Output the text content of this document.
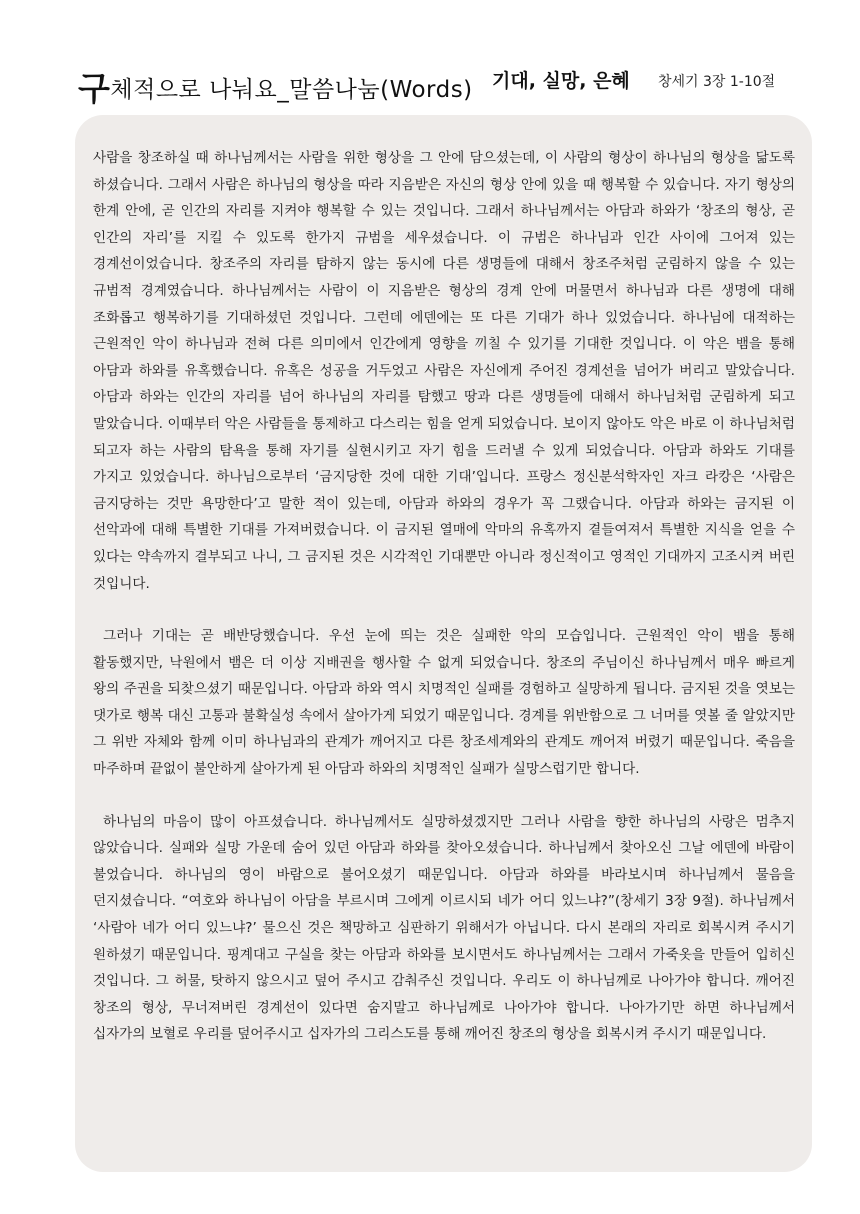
구체적으로 나눠요_말씀나눔(Words) 기대, 실망, 은혜 창세기 3장 1-10절

사람을 창조하실 때 하나님께서는 사람을 위한 형상을 그 안에 담으셨는데, 이 사람의 형상이 하나님의 형상을 닮도록 하셨습니다. 그래서 사람은 하나님의 형상을 따라 지음받은 자신의 형상 안에 있을 때 행복할 수 있습니다. 자기 형상의 한계 안에, 곧 인간의 자리를 지켜야 행복할 수 있는 것입니다. 그래서 하나님께서는 아담과 하와가 ‘창조의 형상, 곧 인간의 자리’를 지킬 수 있도록 한가지 규범을 세우셨습니다. 이 규범은 하나님과 인간 사이에 그어져 있는 경계선이었습니다. 창조주의 자리를 탐하지 않는 동시에 다른 생명들에 대해서 창조주처럼 군림하지 않을 수 있는 규범적 경계였습니다. 하나님께서는 사람이 이 지음받은 형상의 경계 안에 머물면서 하나님과 다른 생명에 대해 조화롭고 행복하기를 기대하셨던 것입니다. 그런데 에덴에는 또 다른 기대가 하나 있었습니다. 하나님에 대적하는 근원적인 악이 하나님과 전혀 다른 의미에서 인간에게 영향을 끼칠 수 있기를 기대한 것입니다. 이 악은 뱀을 통해 아담과 하와를 유혹했습니다. 유혹은 성공을 거두었고 사람은 자신에게 주어진 경계선을 넘어가 버리고 말았습니다. 아담과 하와는 인간의 자리를 넘어 하나님의 자리를 탐했고 땅과 다른 생명들에 대해서 하나님처럼 군림하게 되고 말았습니다. 이때부터 악은 사람들을 통제하고 다스리는 힘을 얻게 되었습니다. 보이지 않아도 악은 바로 이 하나님처럼 되고자 하는 사람의 탐욕을 통해 자기를 실현시키고 자기 힘을 드러낼 수 있게 되었습니다. 아담과 하와도 기대를 가지고 있었습니다. 하나님으로부터 ‘금지당한 것에 대한 기대’입니다. 프랑스 정신분석학자인 자크 라캉은 ‘사람은 금지당하는 것만 욕망한다’고 말한 적이 있는데, 아담과 하와의 경우가 꼭 그랬습니다. 아담과 하와는 금지된 이 선악과에 대해 특별한 기대를 가져버렸습니다. 이 금지된 열매에 악마의 유혹까지 곁들여져서 특별한 지식을 얻을 수 있다는 약속까지 결부되고 나니, 그 금지된 것은 시각적인 기대뿐만 아니라 정신적이고 영적인 기대까지 고조시켜 버린 것입니다.

그러나 기대는 곧 배반당했습니다. 우선 눈에 띄는 것은 실패한 악의 모습입니다. 근원적인 악이 뱀을 통해 활동했지만, 낙원에서 뱀은 더 이상 지배권을 행사할 수 없게 되었습니다. 창조의 주님이신 하나님께서 매우 빠르게 왕의 주권을 되찾으셨기 때문입니다. 아담과 하와 역시 치명적인 실패를 경험하고 실망하게 됩니다. 금지된 것을 엿보는 댓가로 행복 대신 고통과 불확실성 속에서 살아가게 되었기 때문입니다. 경계를 위반함으로 그 너머를 엿볼 줄 알았지만 그 위반 자체와 함께 이미 하나님과의 관계가 깨어지고 다른 창조세계와의 관계도 깨어져 버렸기 때문입니다. 죽음을 마주하며 끝없이 불안하게 살아가게 된 아담과 하와의 치명적인 실패가 실망스럽기만 합니다.

하나님의 마음이 많이 아프셨습니다. 하나님께서도 실망하셨겠지만 그러나 사람을 향한 하나님의 사랑은 멈추지 않았습니다. 실패와 실망 가운데 숨어 있던 아담과 하와를 찾아오셨습니다. 하나님께서 찾아오신 그날 에덴에 바람이 불었습니다. 하나님의 영이 바람으로 불어오셨기 때문입니다. 아담과 하와를 바라보시며 하나님께서 물음을 던지셨습니다. “여호와 하나님이 아담을 부르시며 그에게 이르시되 네가 어디 있느냐?”(창세기 3장 9절). 하나님께서 ‘사람아 네가 어디 있느냐?’ 물으신 것은 책망하고 심판하기 위해서가 아닙니다. 다시 본래의 자리로 회복시켜 주시기 원하셨기 때문입니다. 핑계대고 구실을 찾는 아담과 하와를 보시면서도 하나님께서는 그래서 가죽옷을 만들어 입히신 것입니다. 그 허물, 탓하지 않으시고 덮어 주시고 감춰주신 것입니다. 우리도 이 하나님께로 나아가야 합니다. 깨어진 창조의 형상, 무너져버린 경계선이 있다면 숨지말고 하나님께로 나아가야 합니다. 나아가기만 하면 하나님께서 십자가의 보혈로 우리를 덮어주시고 십자가의 그리스도를 통해 깨어진 창조의 형상을 회복시켜 주시기 때문입니다.
